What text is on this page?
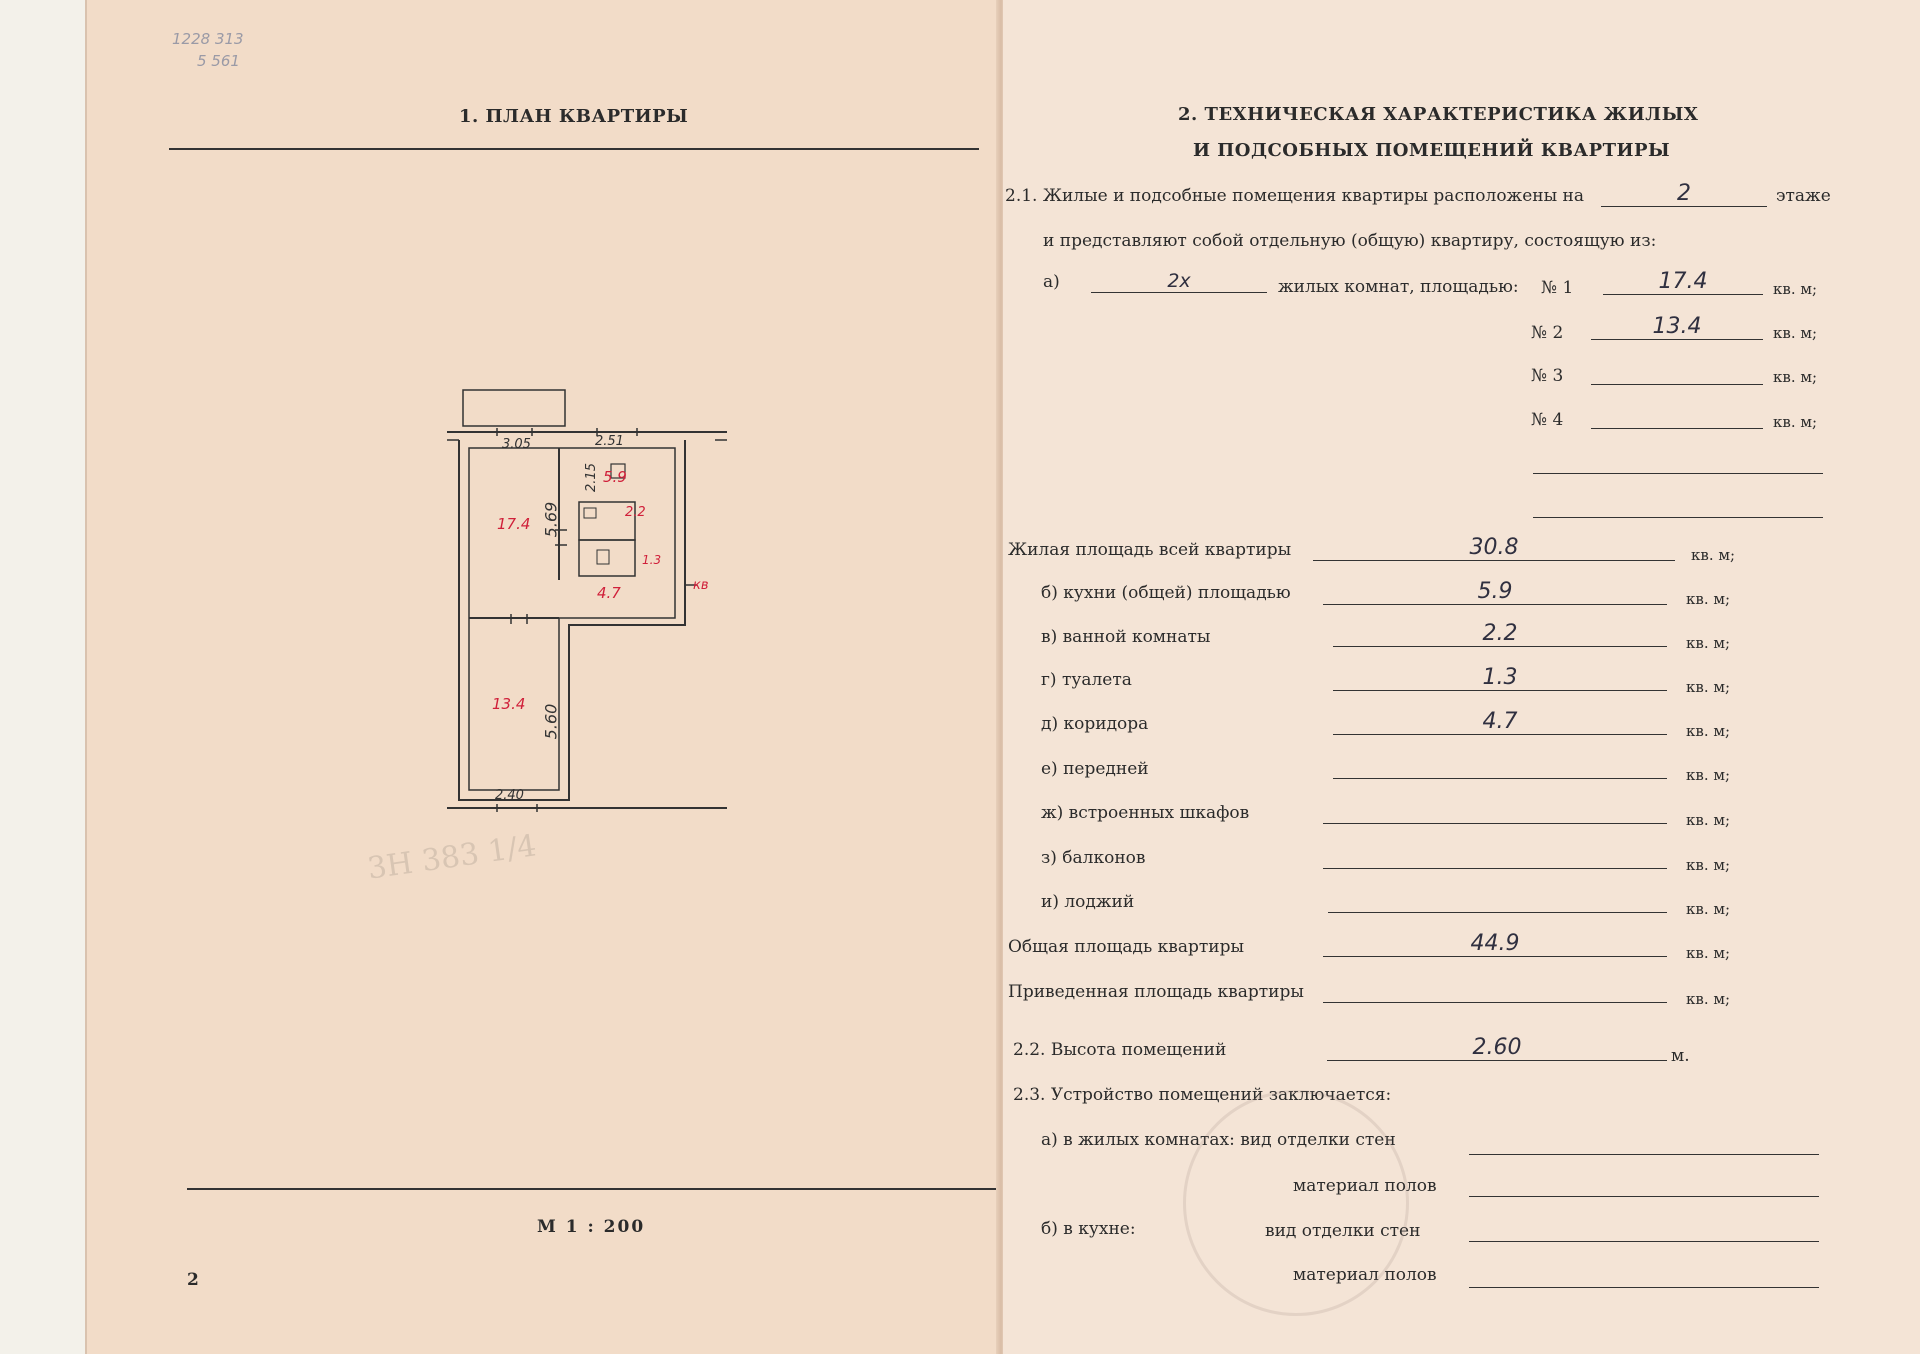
1228 313
5 561
1. ПЛАН КВАРТИРЫ
3Н 383 1/4
3.05	2.51
2.15
5.69
5.60
2.40
17.4
13.4
5.9
2.2
1.3
4.7	кв
М 1 : 200
2
2. ТЕХНИЧЕСКАЯ ХАРАКТЕРИСТИКА ЖИЛЫХ
И ПОДСОБНЫХ ПОМЕЩЕНИЙ КВАРТИРЫ
2.1. Жилые и подсобные помещения квартиры расположены на	2	этаже
и представляют собой отдельную (общую) квартиру, состоящую из:
а)	2х	жилых комнат, площадью: № 1	17.4	кв. м;
№ 2	13.4	кв. м;
№ 3	кв. м;
№ 4	кв. м;
Жилая площадь всей квартиры	30.8	кв. м;
б) кухни (общей) площадью	5.9	кв. м;
в) ванной комнаты	2.2	кв. м;
г) туалета	1.3	кв. м;
д) коридора	4.7	кв. м;
е) передней	кв. м;
ж) встроенных шкафов	кв. м;
з) балконов	кв. м;
и) лоджий	кв. м;
Общая площадь квартиры	44.9	кв. м;
Приведенная площадь квартиры	кв. м;
2.2. Высота помещений	2.60	м.
2.3. Устройство помещений заключается:
а) в жилых комнатах: вид отделки стен
материал полов
б) в кухне:	вид отделки стен
материал полов
